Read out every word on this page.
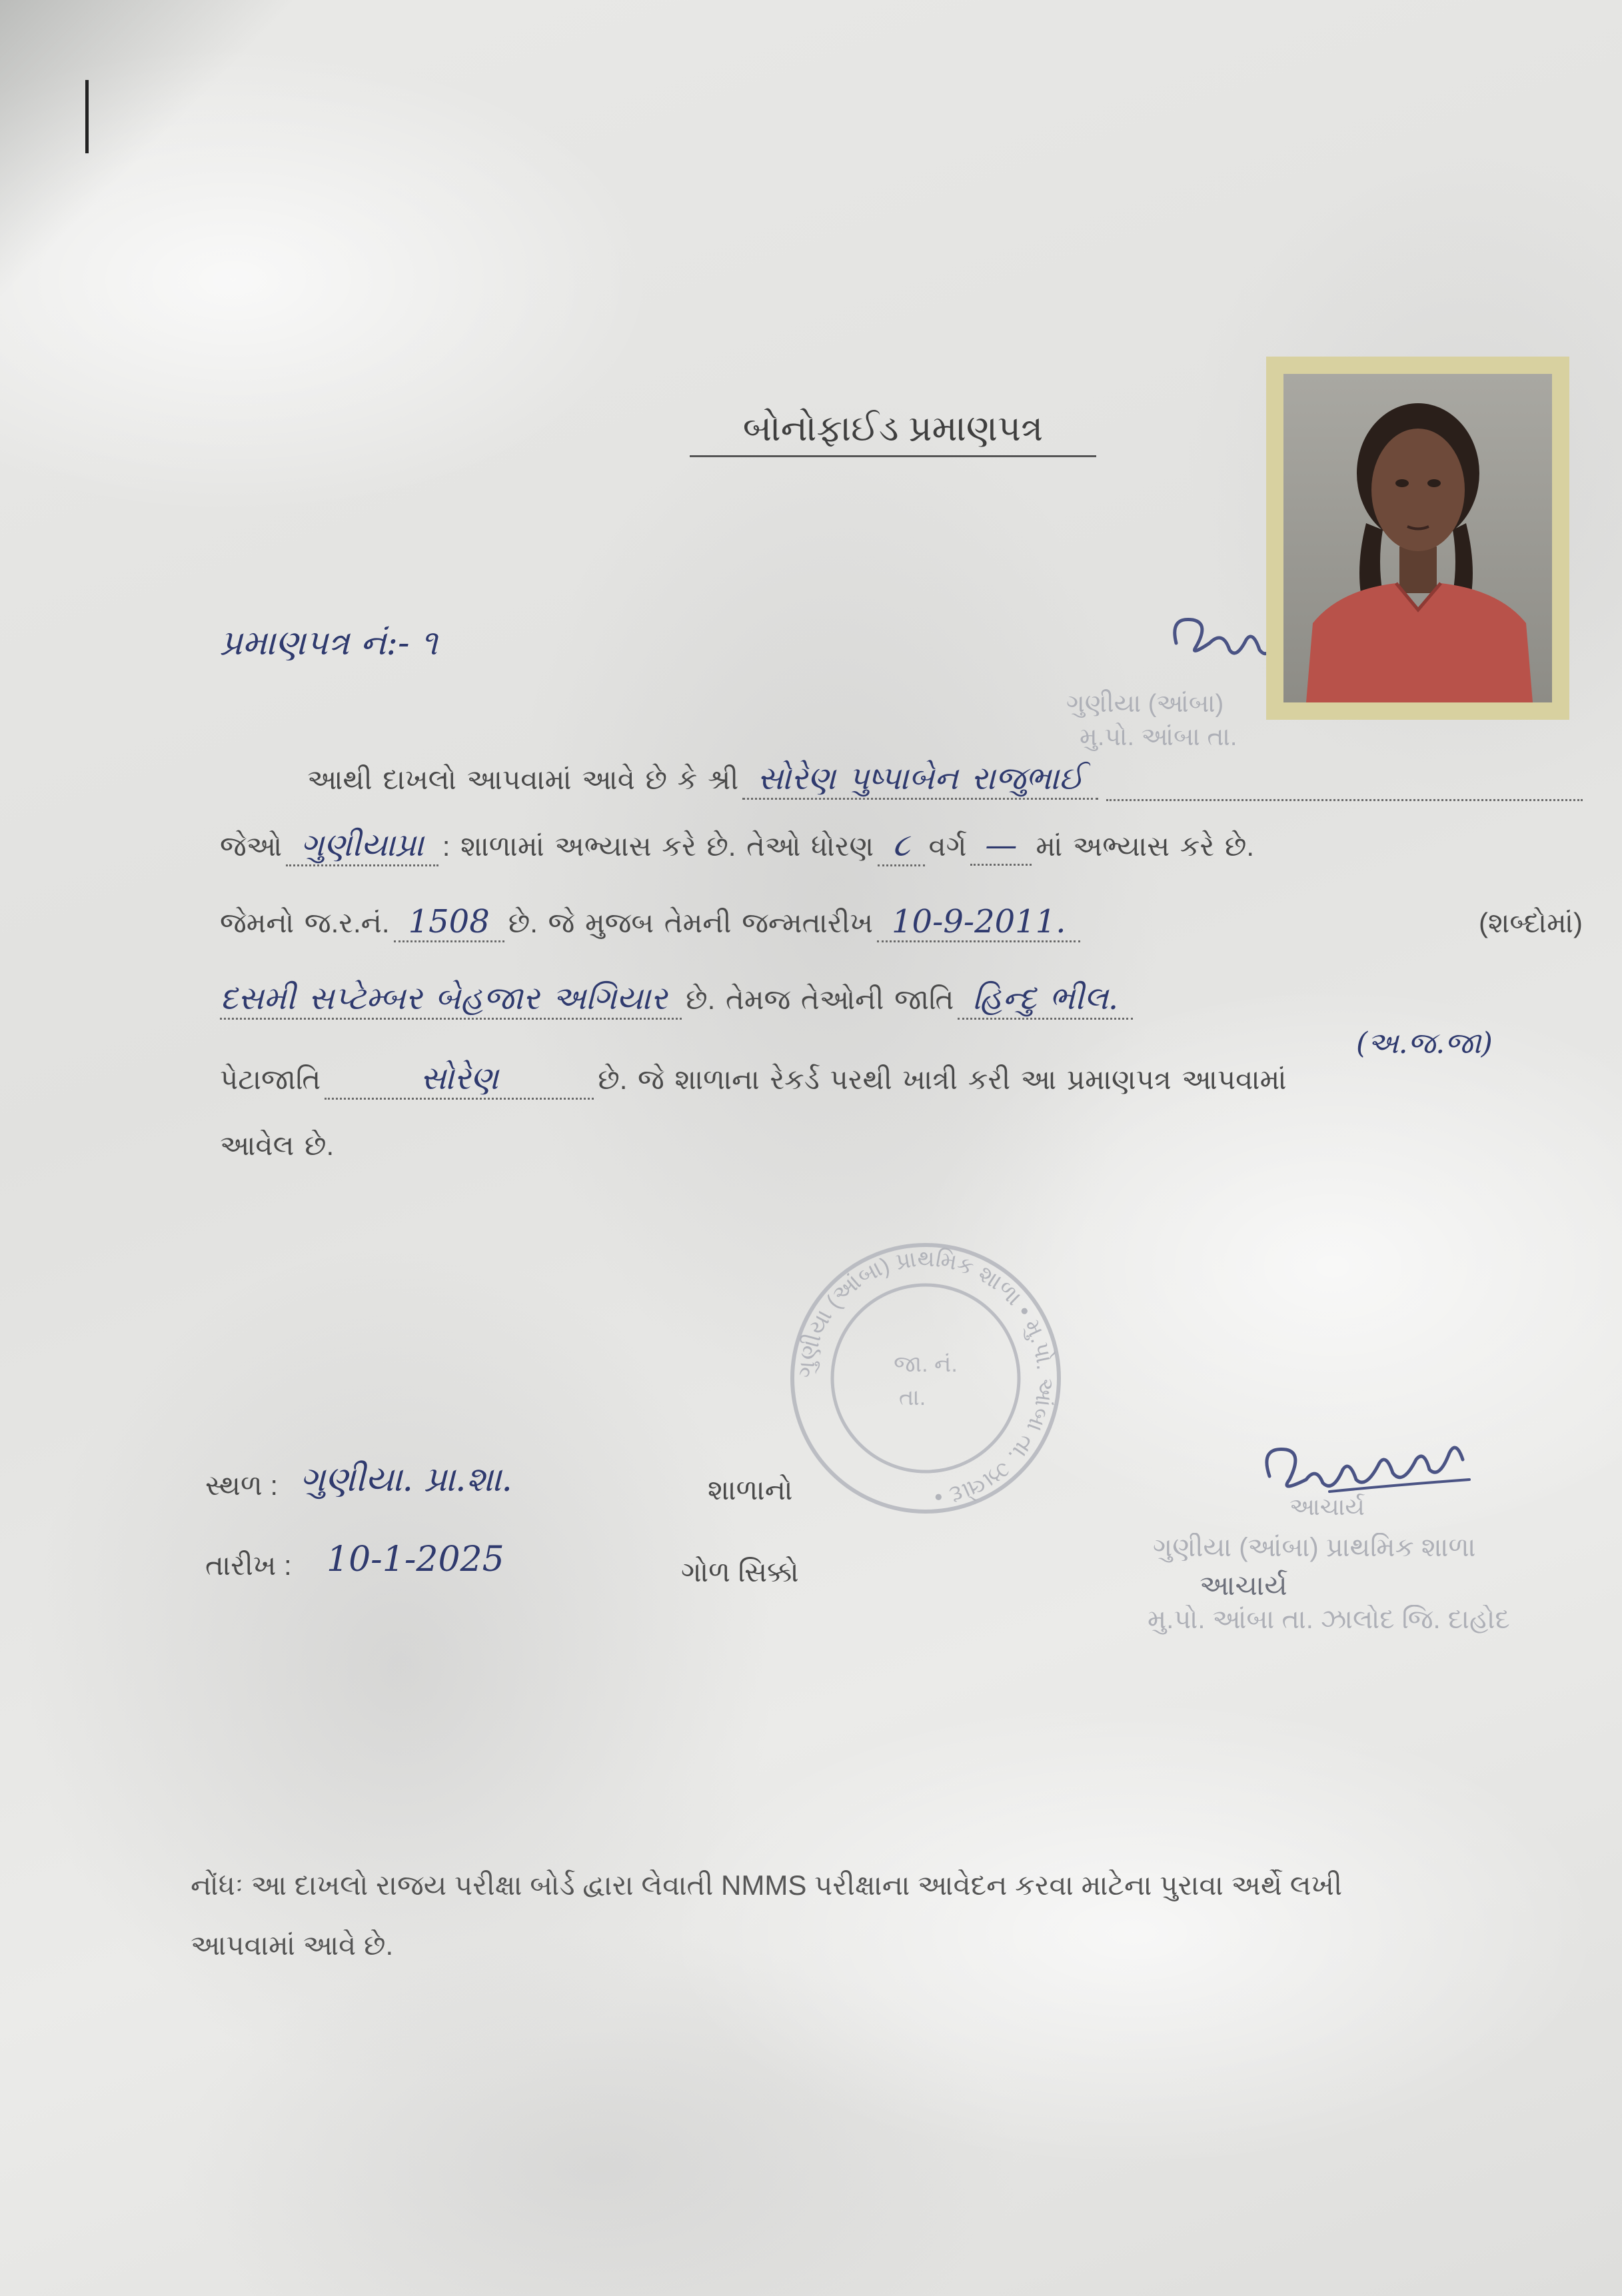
બોનોફાઈડ પ્રમાણપત્ર
ગુણીયા (આંબા)
મુ.પો. આંબા તા.
પ્રમાણપત્ર નં:- ૧
આથી દાખલો આપવામાં આવે છે કે શ્રી સોરેણ પુષ્પાબેન રાજુભાઈ
જેઓ ગુણીયાપ્રા : શાળામાં અભ્યાસ કરે છે. તેઓ ધોરણ ૮ વર્ગ — માં અભ્યાસ કરે છે.
જેમનો જ.ર.નં. 1508 છે. જે મુજબ તેમની જન્મતારીખ 10-9-2011.	(શબ્દોમાં)
દસમી સપ્ટેમ્બર બેહજાર અગિયાર છે. તેમજ તેઓની જાતિ હિન્દુ ભીલ.
(અ.જ.જા)
પેટાજાતિ	સોરેણ	છે. જે શાળાના રેકર્ડ પરથી ખાત્રી કરી આ પ્રમાણપત્ર આપવામાં
આવેલ છે.
ગુણીયા (આંબા) પ્રાથમિક શાળા • મુ.પો. આંબા તા. ઝાલોદ •
જા. નં.
તા.
સ્થળ : ગુણીયા. પ્રા.શા.	શાળાનો
તારીખ : 10-1-2025	ગોળ સિક્કો
આચાર્ય
ગુણીયા (આંબા) પ્રાથમિક શાળા
આચાર્ય
મુ.પો. આંબા તા. ઝાલોદ જિ. દાહોદ
નોંધઃ આ દાખલો રાજય પરીક્ષા બોર્ડ દ્વારા લેવાતી NMMS પરીક્ષાના આવેદન કરવા માટેના પુરાવા અર્થે લખી
આપવામાં આવે છે.
